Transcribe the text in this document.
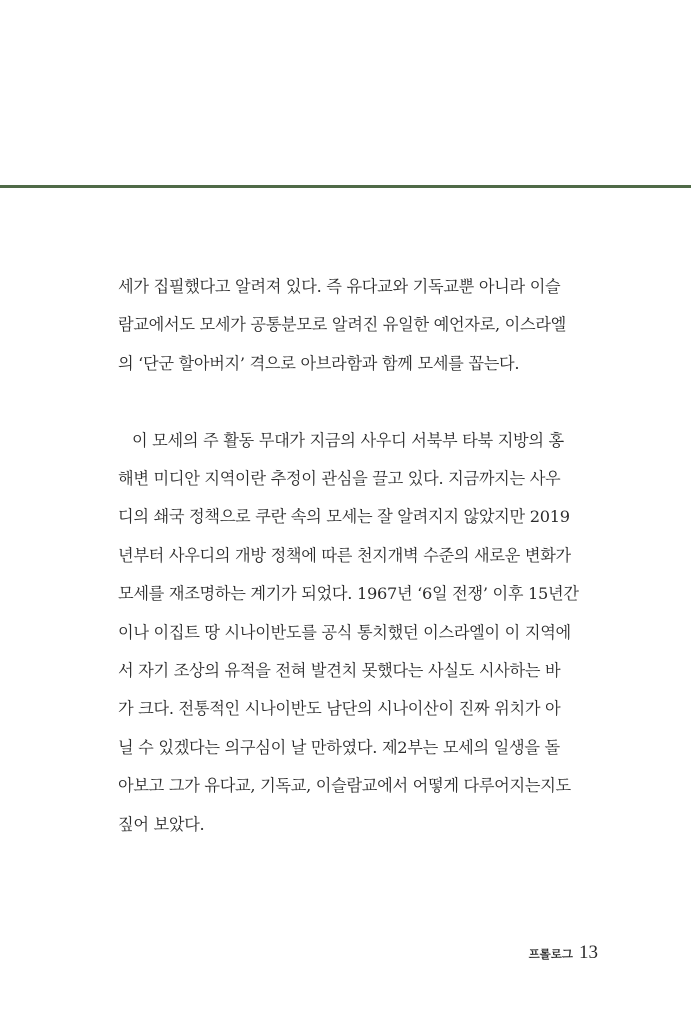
세가 집필했다고 알려져 있다. 즉 유다교와 기독교뿐 아니라 이슬
람교에서도 모세가 공통분모로 알려진 유일한 예언자로, 이스라엘
의 ‘단군 할아버지’ 격으로 아브라함과 함께 모세를 꼽는다.

이 모세의 주 활동 무대가 지금의 사우디 서북부 타북 지방의 홍
해변 미디안 지역이란 추정이 관심을 끌고 있다. 지금까지는 사우
디의 쇄국 정책으로 쿠란 속의 모세는 잘 알려지지 않았지만 2019
년부터 사우디의 개방 정책에 따른 천지개벽 수준의 새로운 변화가
모세를 재조명하는 계기가 되었다. 1967년 ‘6일 전쟁’ 이후 15년간
이나 이집트 땅 시나이반도를 공식 통치했던 이스라엘이 이 지역에
서 자기 조상의 유적을 전혀 발견치 못했다는 사실도 시사하는 바
가 크다. 전통적인 시나이반도 남단의 시나이산이 진짜 위치가 아
닐 수 있겠다는 의구심이 날 만하였다. 제2부는 모세의 일생을 돌
아보고 그가 유다교, 기독교, 이슬람교에서 어떻게 다루어지는지도
짚어 보았다.

프롤로그 13
